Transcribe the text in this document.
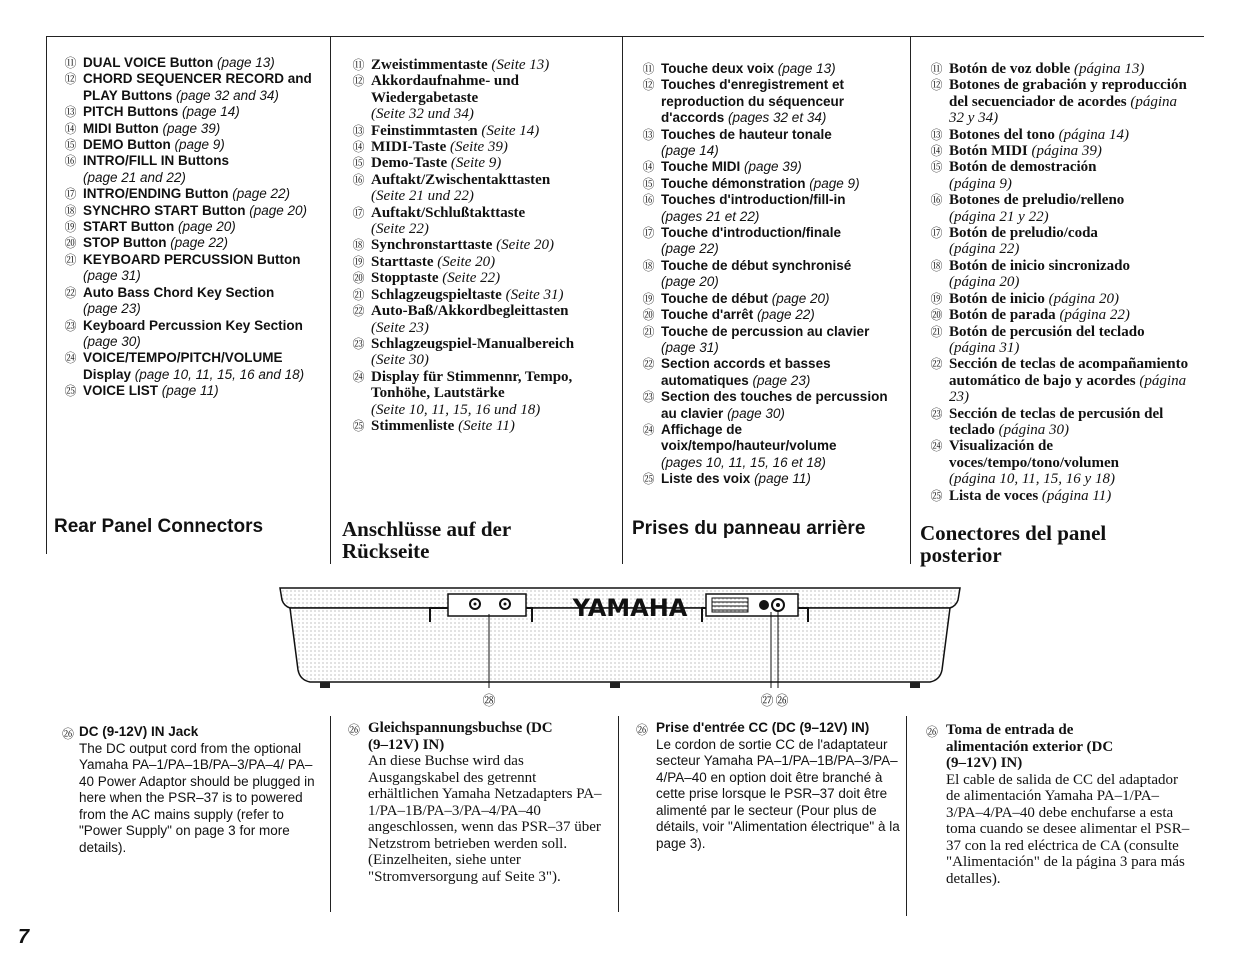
⑪ DUAL VOICE Button (page 13)
⑫ CHORD SEQUENCER RECORD and PLAY Buttons (page 32 and 34)
⑬ PITCH Buttons (page 14)
⑭ MIDI Button (page 39)
⑮ DEMO Button (page 9)
⑯ INTRO/FILL IN Buttons
(page 21 and 22)
⑰ INTRO/ENDING Button (page 22)
⑱ SYNCHRO START Button (page 20)
⑲ START Button (page 20)
⑳ STOP Button (page 22)
㉑ KEYBOARD PERCUSSION Button
(page 31)
㉒ Auto Bass Chord Key Section
(page 23)
㉓ Keyboard Percussion Key Section
(page 30)
㉔ VOICE/TEMPO/PITCH/VOLUME Display (page 10, 11, 15, 16 and 18)
㉕ VOICE LIST (page 11)
Rear Panel Connectors
⑪ Zweistimmentaste (Seite 13)
⑫ Akkordaufnahme- und Wiedergabetaste
(Seite 32 und 34)
⑬ Feinstimmtasten (Seite 14)
⑭ MIDI-Taste (Seite 39)
⑮ Demo-Taste (Seite 9)
⑯ Auftakt/Zwischentakttasten
(Seite 21 und 22)
⑰ Auftakt/Schlußtakttaste
(Seite 22)
⑱ Synchronstarttaste (Seite 20)
⑲ Starttaste (Seite 20)
⑳ Stopptaste (Seite 22)
㉑ Schlagzeugspieltaste (Seite 31)
㉒ Auto-Baß/Akkordbegleittasten
(Seite 23)
㉓ Schlagzeugspiel-Manualbereich
(Seite 30)
㉔ Display für Stimmennr, Tempo, Tonhöhe, Lautstärke
(Seite 10, 11, 15, 16 und 18)
㉕ Stimmenliste (Seite 11)
Anschlüsse auf der Rückseite
⑪ Touche deux voix (page 13)
⑫ Touches d'enregistrement et reproduction du séquenceur d'accords (pages 32 et 34)
⑬ Touches de hauteur tonale
(page 14)
⑭ Touche MIDI (page 39)
⑮ Touche démonstration (page 9)
⑯ Touches d'introduction/fill-in
(pages 21 et 22)
⑰ Touche d'introduction/finale
(page 22)
⑱ Touche de début synchronisé
(page 20)
⑲ Touche de début (page 20)
⑳ Touche d'arrêt (page 22)
㉑ Touche de percussion au clavier
(page 31)
㉒ Section accords et basses automatiques (page 23)
㉓ Section des touches de percussion au clavier (page 30)
㉔ Affichage de voix/tempo/hauteur/volume
(pages 10, 11, 15, 16 et 18)
㉕ Liste des voix (page 11)
Prises du panneau arrière
⑪ Botón de voz doble (página 13)
⑫ Botones de grabación y reproducción del secuenciador de acordes (página 32 y 34)
⑬ Botones del tono (página 14)
⑭ Botón MIDI (página 39)
⑮ Botón de demostración
(página 9)
⑯ Botones de preludio/relleno
(página 21 y 22)
⑰ Botón de preludio/coda
(página 22)
⑱ Botón de inicio sincronizado
(página 20)
⑲ Botón de inicio (página 20)
⑳ Botón de parada (página 22)
㉑ Botón de percusión del teclado
(página 31)
㉒ Sección de teclas de acompañamiento automático de bajo y acordes (página 23)
㉓ Sección de teclas de percusión del teclado (página 30)
㉔ Visualización de voces/tempo/tono/volumen
(página 10, 11, 15, 16 y 18)
㉕ Lista de voces (página 11)
Conectores del panel posterior
YAMAHA
㉘	㉗ ㉖
㉖ DC (9-12V) IN Jack
The DC output cord from the optional Yamaha PA–1/PA–1B/PA–3/PA–4/ PA–40 Power Adaptor should be plugged in here when the PSR–37 is to powered from the AC mains supply (refer to "Power Supply" on page 3 for more details).
㉖ Gleichspannungsbuchse (DC (9–12V) IN)
An diese Buchse wird das Ausgangskabel des getrennt erhältlichen Yamaha Netzadapters PA–1/PA–1B/PA–3/PA–4/PA–40 angeschlossen, wenn das PSR–37 über Netzstrom betrieben werden soll. (Einzelheiten, siehe unter "Stromversorgung auf Seite 3").
㉖ Prise d'entrée CC (DC (9–12V) IN)
Le cordon de sortie CC de l'adaptateur secteur Yamaha PA–1/PA–1B/PA–3/PA–4/PA–40 en option doit être branché à cette prise lorsque le PSR–37 doit être alimenté par le secteur (Pour plus de détails, voir "Alimentation électrique" à la page 3).
㉖ Toma de entrada de alimentación exterior (DC (9–12V) IN)
El cable de salida de CC del adaptador de alimentación Yamaha PA–1/PA–3/PA–4/PA–40 debe enchufarse a esta toma cuando se desee alimentar el PSR–37 con la red eléctrica de CA (consulte "Alimentación" de la página 3 para más detalles).
7
